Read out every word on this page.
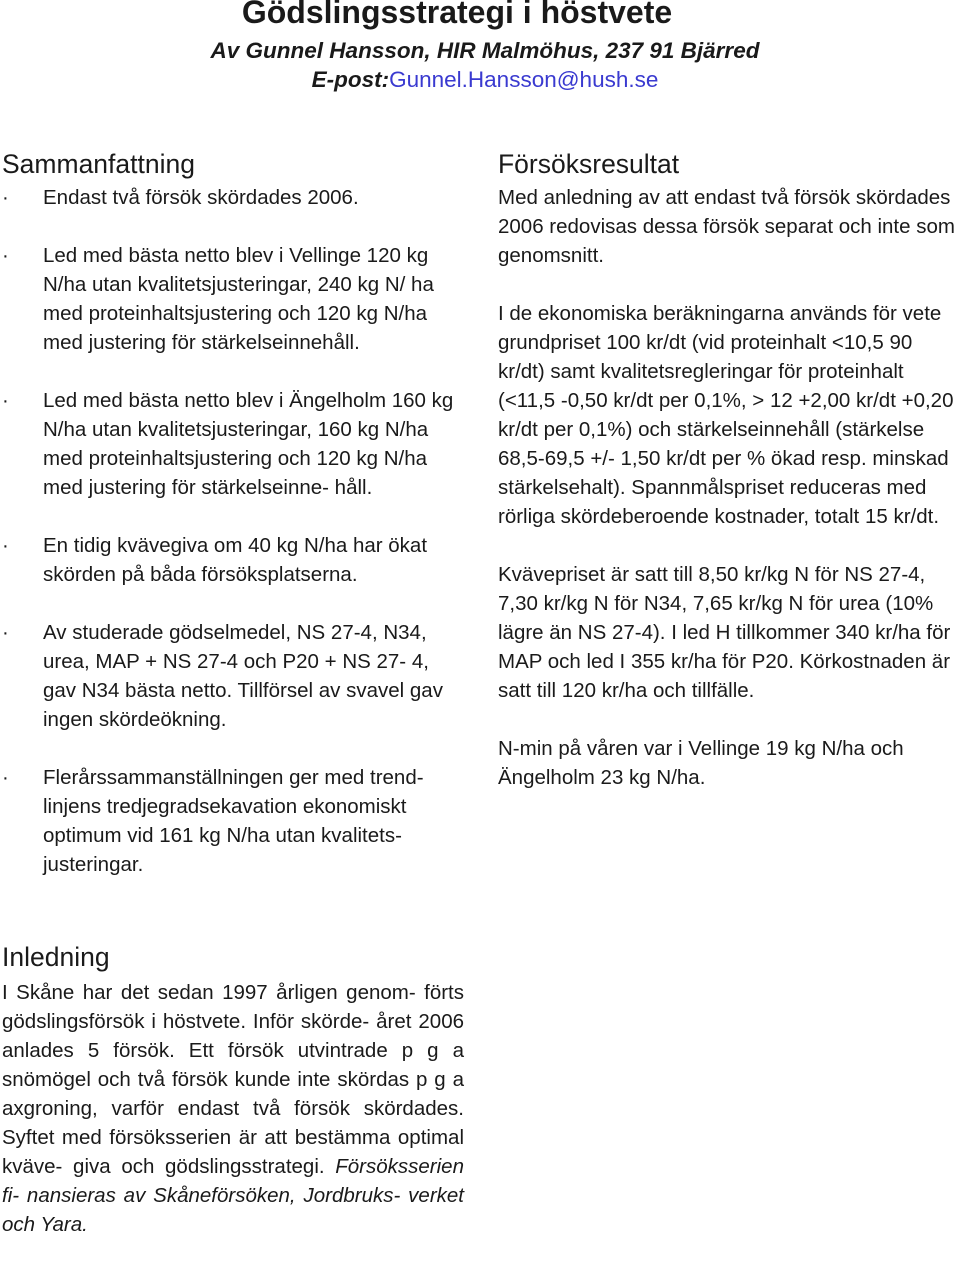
Gödslingsstrategi i höstvete
Av Gunnel Hansson, HIR Malmöhus, 237 91 Bjärred
E-post:Gunnel.Hansson@hush.se
Sammanfattning
· Endast två försök skördades 2006.
· Led med bästa netto blev i Vellinge 120 kg N/ha utan kvalitetsjusteringar, 240 kg N/ ha med proteinhaltsjustering och 120 kg N/ha med justering för stärkelseinnehåll.
· Led med bästa netto blev i Ängelholm 160 kg N/ha utan kvalitetsjusteringar, 160 kg N/ha med proteinhaltsjustering och 120 kg N/ha med justering för stärkelseinne- håll.
· En tidig kvävegiva om 40 kg N/ha har ökat skörden på båda försöksplatserna.
· Av studerade gödselmedel, NS 27-4, N34, urea, MAP + NS 27-4 och P20 + NS 27- 4, gav N34 bästa netto. Tillförsel av svavel gav ingen skördeökning.
· Flerårssammanställningen ger med trend- linjens tredjegradsekavation ekonomiskt optimum vid 161 kg N/ha utan kvalitets- justeringar.
Inledning
I Skåne har det sedan 1997 årligen genom- förts gödslingsförsök i höstvete. Inför skörde- året 2006 anlades 5 försök. Ett försök utvintrade p g a snömögel och två försök kunde inte skördas p g a axgroning, varför endast två försök skördades. Syftet med försöksserien är att bestämma optimal kväve- giva och gödslingsstrategi. Försöksserien fi- nansieras av Skåneförsöken, Jordbruks- verket och Yara.
Försöksresultat

Med anledning av att endast två försök skördades 2006 redovisas dessa försök separat och inte som genomsnitt.

I de ekonomiska beräkningarna används för vete grundpriset 100 kr/dt (vid proteinhalt <10,5 90 kr/dt) samt kvalitetsregleringar för proteinhalt (<11,5 -0,50 kr/dt per 0,1%, > 12 +2,00 kr/dt +0,20 kr/dt per 0,1%) och stärkelseinnehåll (stärkelse 68,5-69,5 +/- 1,50 kr/dt per % ökad resp. minskad stärkelsehalt). Spannmålspriset reduceras med rörliga skördeberoende kostnader, totalt 15 kr/dt.

Kvävepriset är satt till 8,50 kr/kg N för NS 27-4, 7,30 kr/kg N för N34, 7,65 kr/kg N för urea (10% lägre än NS 27-4). I led H tillkommer 340 kr/ha för MAP och led I 355 kr/ha för P20. Körkostnaden är satt till 120 kr/ha och tillfälle.

N-min på våren var i Vellinge 19 kg N/ha och Ängelholm 23 kg N/ha.
